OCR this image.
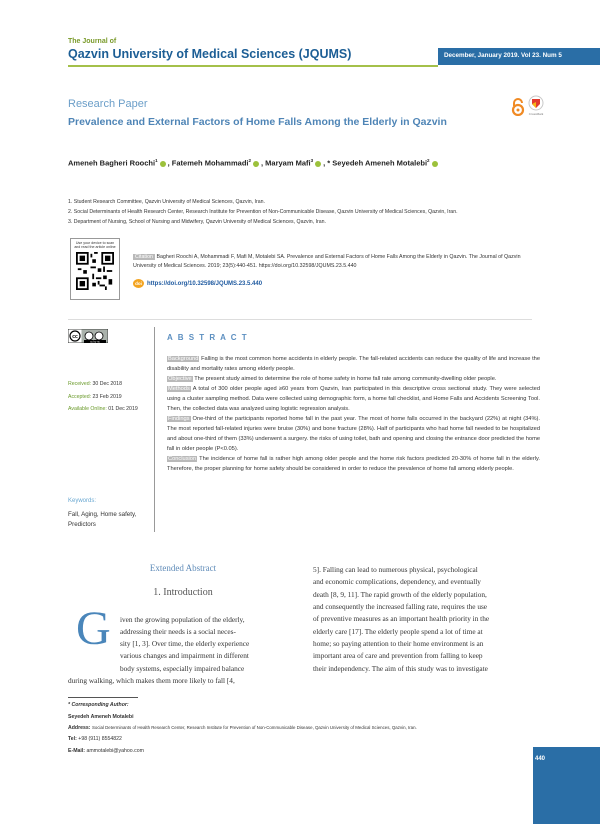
The Journal of
Qazvin University of Medical Sciences (JQUMS)	December, January 2019. Vol 23. Num 5
Research Paper
Prevalence and External Factors of Home Falls Among the Elderly in Qazvin
CrossMark
Ameneh Bagheri Roochi$^1$ , Fatemeh Mohammadi$^2$ , Maryam Mafi$^3$ , * Seyedeh Ameneh Motalebi$^2$
1. Student Research Committee, Qazvin University of Medical Sciences, Qazvin, Iran.
2. Social Determinants of Health Research Center, Research Institute for Prevention of Non-Communicable Disease, Qazvin University of Medical Sciences, Qazvin, Iran.
3. Department of Nursing, School of Nursing and Midwifery, Qazvin University of Medical Sciences, Qazvin, Iran.
Use your device to scan and read the article online
Citation Bagheri Roochi A, Mohammadi F, Mafi M, Motalebi SA. Prevalence and External Factors of Home Falls Among the Elderly in Qazvin. The Journal of Qazvin University of Medical Sciences. 2019; 23(5):440-451. https://doi.org/10.32598/JQUMS.23.5.440
doi https://doi.org/10.32598/JQUMS.23.5.440
cc
cc by nc
A B S T R A C T
Background Falling is the most common home accidents in elderly people. The fall-related accidents can reduce the quality of life and increase the disability and mortality rates among elderly people.
Objective The present study aimed to determine the role of home safety in home fall rate among community-dwelling older people.
Methods A total of 300 older people aged ≥60 years from Qazvin, Iran participated in this descriptive cross sectional study. They were selected using a cluster sampling method. Data were collected using demographic form, a home fall checklist, and Home Falls and Accidents Screening Tool. Then, the collected data was analyzed using logistic regression analysis.
Findings One-third of the participants reported home fall in the past year. The most of home falls occurred in the backyard (22%) at night (34%). The most reported fall-related injuries were bruise (30%) and bone fracture (28%). Half of participants who had home fall needed to be hospitalized and about one-third of them (33%) underwent a surgery. the risks of using toilet, bath and opening and closing the entrance door predicted the home fall in older people (P<0.05).
Conclusion The incidence of home fall is rather high among older people and the home risk factors predicted 20-30% of home fall in the elderly. Therefore, the proper planning for home safety should be considered in order to reduce the prevalence of home fall among elderly people.
Received: 30 Dec 2018
Accepted: 23 Feb 2019
Available Online: 01 Dec 2019
Keywords:
Fall, Aging, Home safety, Predictors
Extended Abstract
1. Introduction
G iven the growing population of the elderly,
addressing their needs is a social neces-
sity [1, 3]. Over time, the elderly experience
various changes and impairment in different
body systems, especially impaired balance
during walking, which makes them more likely to fall [4,
5]. Falling can lead to numerous physical, psychological
and economic complications, dependency, and eventually
death [8, 9, 11]. The rapid growth of the elderly population,
and consequently the increased falling rate, requires the use
of preventive measures as an important health priority in the
elderly care [17]. The elderly people spend a lot of time at
home; so paying attention to their home environment is an
important area of care and prevention from falling to keep
their independency. The aim of this study was to investigate
* Corresponding Author:
Seyedeh Ameneh Motalebi
Address: Social Determinants of Health Research Center, Research Institute for Prevention of Non-Communicable Disease, Qazvin University of Medical Sciences, Qazvin, Iran.
Tel: +98 (911) 8554822
E-Mail: ammotalebi@yahoo.com
440
